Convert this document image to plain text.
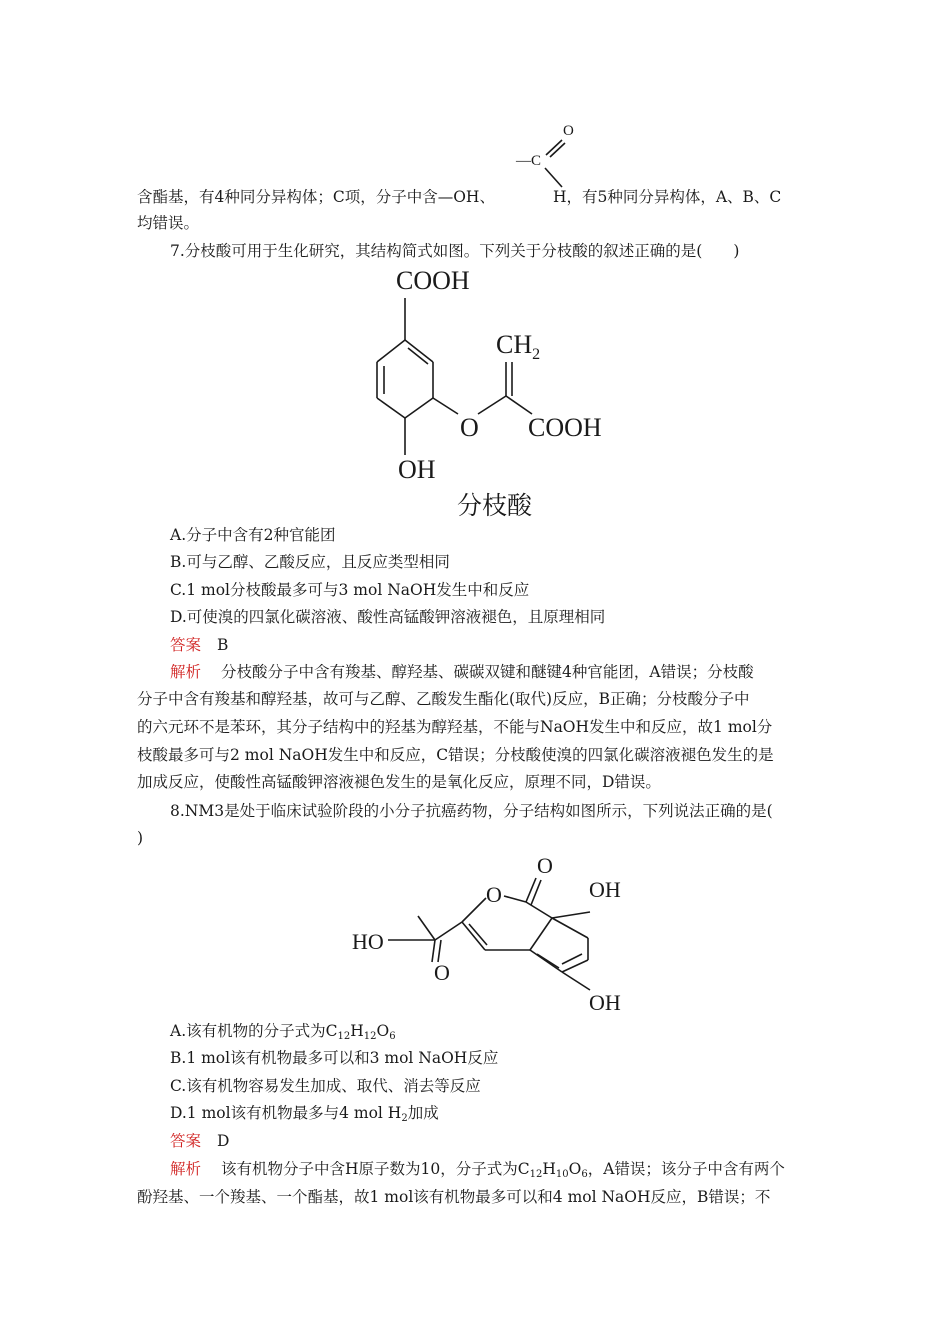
O
—C
含酯基，有4种同分异构体；C项，分子中含—OH、	H，有5种同分异构体，A、B、C
均错误。
7.分枝酸可用于生化研究，其结构简式如图。下列关于分枝酸的叙述正确的是(　　)
COOH
$CH_2$
O COOH
OH
分枝酸
A.分子中含有2种官能团
B.可与乙醇、乙酸反应，且反应类型相同
C.1 mol分枝酸最多可与3 mol NaOH发生中和反应
D.可使溴的四氯化碳溶液、酸性高锰酸钾溶液褪色，且原理相同
答案 B
解析 分枝酸分子中含有羧基、醇羟基、碳碳双键和醚键4种官能团，A错误；分枝酸
分子中含有羧基和醇羟基，故可与乙醇、乙酸发生酯化(取代)反应，B正确；分枝酸分子中
的六元环不是苯环，其分子结构中的羟基为醇羟基，不能与NaOH发生中和反应，故1 mol分
枝酸最多可与2 mol NaOH发生中和反应，C错误；分枝酸使溴的四氯化碳溶液褪色发生的是
加成反应，使酸性高锰酸钾溶液褪色发生的是氧化反应，原理不同，D错误。
8.NM3是处于临床试验阶段的小分子抗癌药物，分子结构如图所示，下列说法正确的是(
)
O
O	OH
HO
O
OH
A.该有机物的分子式为$C_{12}H_{12}O_6$
B.1 mol该有机物最多可以和3 mol NaOH反应
C.该有机物容易发生加成、取代、消去等反应
D.1 mol该有机物最多与4 mol $H_2$加成
答案 D
解析 该有机物分子中含H原子数为10，分子式为$C_{12}H_{10}O_6$，A错误；该分子中含有两个
酚羟基、一个羧基、一个酯基，故1 mol该有机物最多可以和4 mol NaOH反应，B错误；不
